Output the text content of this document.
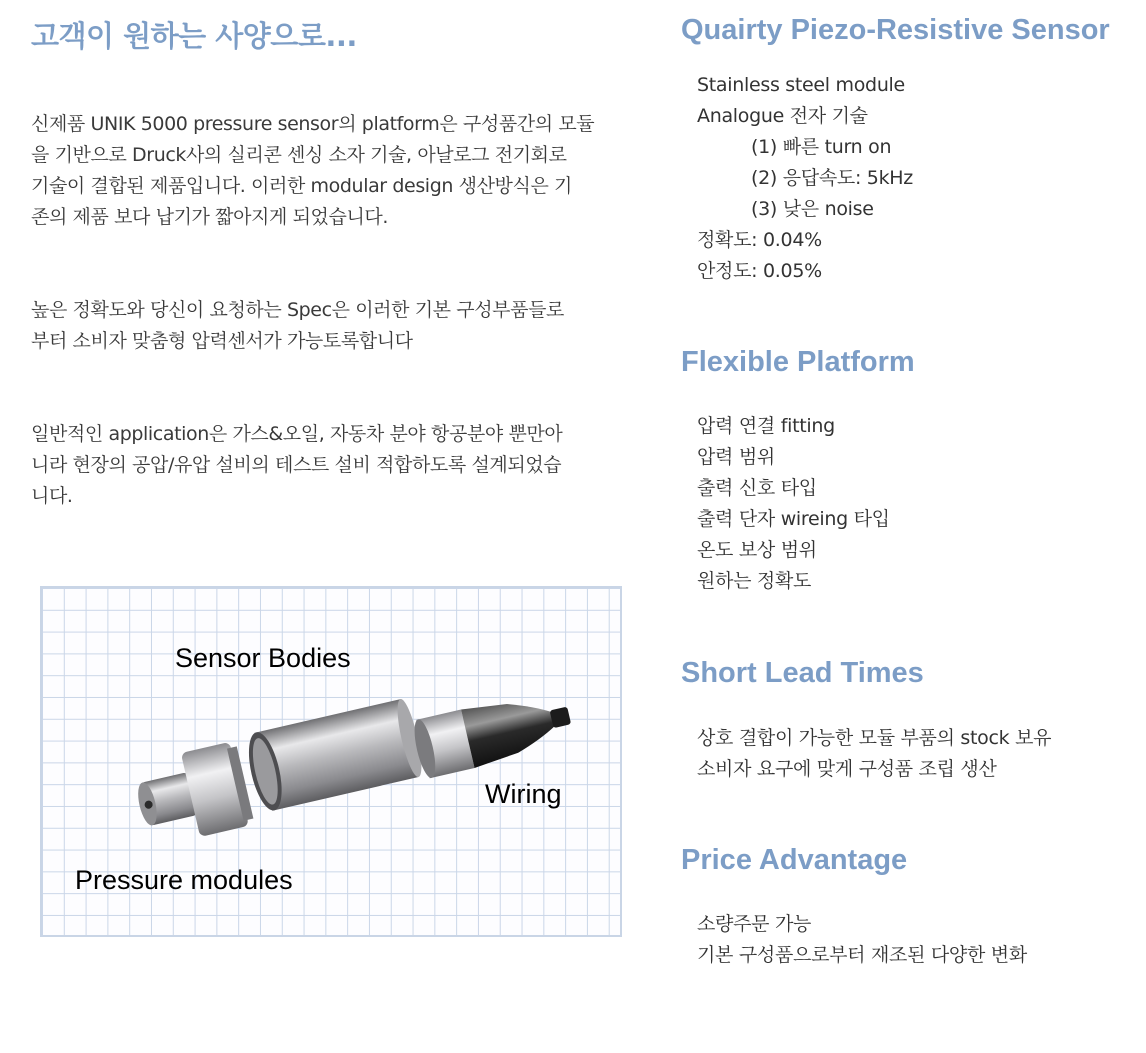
고객이 원하는 사양으로...
신제품 UNIK 5000 pressure sensor의 platform은 구성품간의 모듈
을 기반으로 Druck사의 실리콘 센싱 소자 기술, 아날로그 전기회로
기술이 결합된 제품입니다. 이러한 modular design 생산방식은 기
존의 제품 보다 납기가 짧아지게 되었습니다.
높은 정확도와 당신이 요청하는 Spec은 이러한 기본 구성부품들로
부터 소비자 맞춤형 압력센서가 가능토록합니다
일반적인 application은 가스&오일, 자동차 분야 항공분야 뿐만아
니라 현장의 공압/유압 설비의 테스트 설비 적합하도록 설계되었습
니다.
Sensor Bodies
Wiring
Pressure modules
Quairty Piezo-Resistive Sensor
Stainless steel module
Analogue 전자 기술
(1) 빠른 turn on
(2) 응답속도: 5kHz
(3) 낮은 noise
정확도: 0.04%
안정도: 0.05%
Flexible Platform
압력 연결 fitting
압력 범위
출력 신호 타입
출력 단자 wireing 타입
온도 보상 범위
원하는 정확도
Short Lead Times
상호 결합이 가능한 모듈 부품의 stock 보유
소비자 요구에 맞게 구성품 조립 생산
Price Advantage
소량주문 가능
기본 구성품으로부터 재조된 다양한 변화
